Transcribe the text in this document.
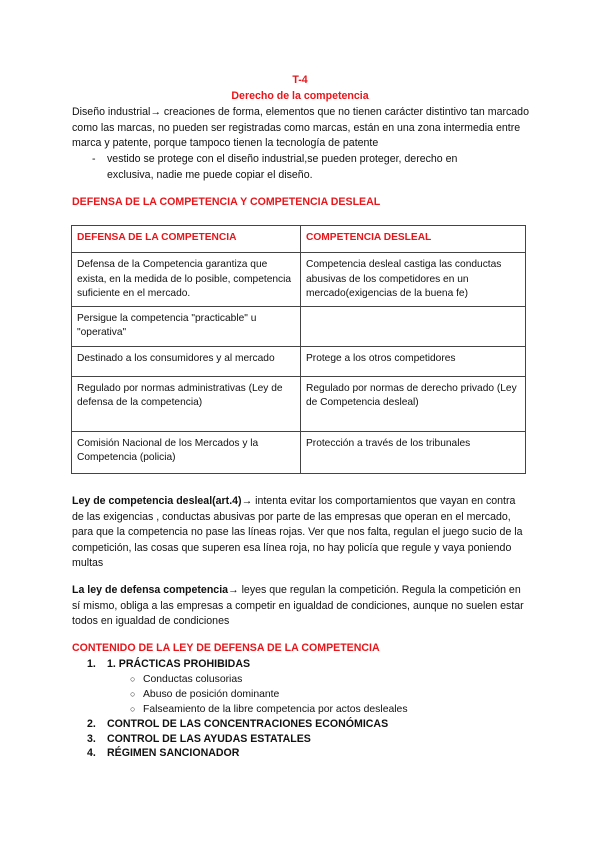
T-4
Derecho de la competencia
Diseño industrial→ creaciones de forma, elementos que no tienen carácter distintivo tan marcado como las marcas, no pueden ser registradas como marcas, están en una zona intermedia entre marca y patente, porque tampoco tienen la tecnología de patente
- vestido se protege con el diseño industrial,se pueden proteger, derecho en exclusiva, nadie me puede copiar el diseño.
DEFENSA DE LA COMPETENCIA Y COMPETENCIA DESLEAL
DEFENSA DE LA COMPETENCIA	COMPETENCIA DESLEAL
Defensa de la Competencia garantiza que exista, en la medida de lo posible, competencia suficiente en el mercado.	Competencia desleal castiga las conductas abusivas de los competidores en un mercado(exigencias de la buena fe)
Persigue la competencia "practicable" u "operativa"	
Destinado a los consumidores y al mercado	Protege a los otros competidores
Regulado por normas administrativas (Ley de defensa de la competencia)	Regulado por normas de derecho privado (Ley de Competencia desleal)
Comisión Nacional de los Mercados y la Competencia (policia)	Protección a través de los tribunales
Ley de competencia desleal(art.4)→ intenta evitar los comportamientos que vayan en contra de las exigencias , conductas abusivas por parte de las empresas que operan en el mercado, para que la competencia no pase las líneas rojas. Ver que nos falta, regulan el juego sucio de la competición, las cosas que superen esa línea roja, no hay policía que regule y vaya poniendo multas
La ley de defensa competencia→ leyes que regulan la competición. Regula la competición en sí mismo, obliga a las empresas a competir en igualdad de condiciones, aunque no suelen estar todos en igualdad de condiciones
CONTENIDO DE LA LEY DE DEFENSA DE LA COMPETENCIA
1. 1. PRÁCTICAS PROHIBIDAS
○ Conductas colusorias
○ Abuso de posición dominante
○ Falseamiento de la libre competencia por actos desleales
2. CONTROL DE LAS CONCENTRACIONES ECONÓMICAS
3. CONTROL DE LAS AYUDAS ESTATALES
4. RÉGIMEN SANCIONADOR
